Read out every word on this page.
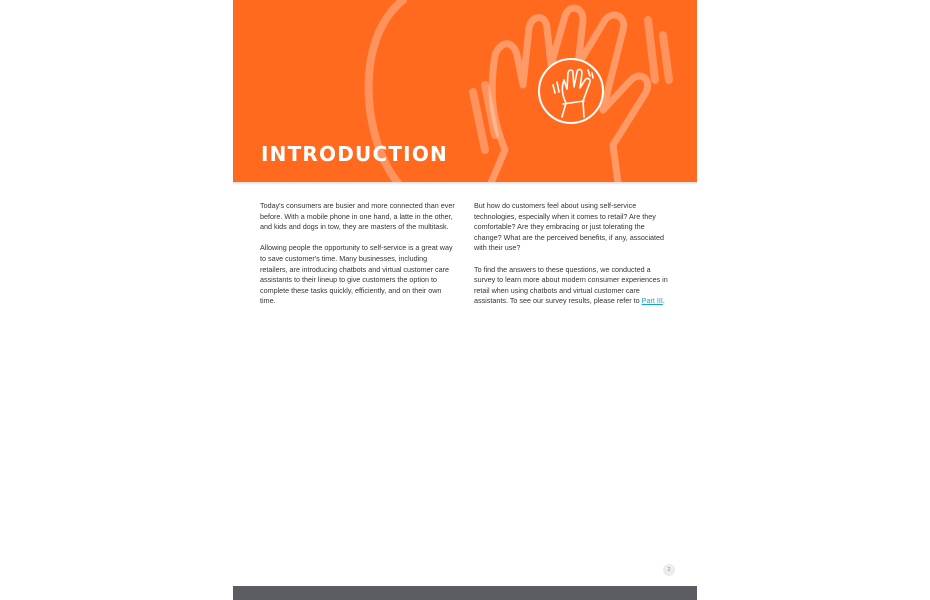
INTRODUCTION

Today's consumers are busier and more connected than ever before. With a mobile phone in one hand, a latte in the other, and kids and dogs in tow, they are masters of the multitask.

Allowing people the opportunity to self-service is a great way to save customer's time. Many businesses, including retailers, are introducing chatbots and virtual customer care assistants to their lineup to give customers the option to complete these tasks quickly, efficiently, and on their own time.

But how do customers feel about using self-service technologies, especially when it comes to retail? Are they comfortable? Are they embracing or just tolerating the change? What are the perceived benefits, if any, associated with their use?

To find the answers to these questions, we conducted a survey to learn more about modern consumer experiences in retail when using chatbots and virtual customer care assistants. To see our survey results, please refer to Part III.

2
